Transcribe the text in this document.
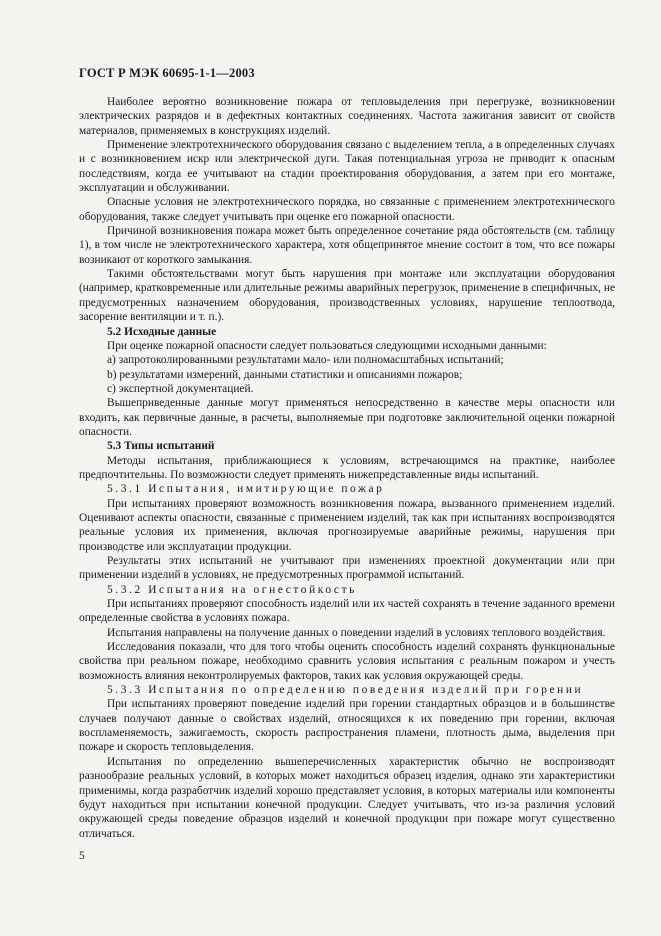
ГОСТ Р МЭК 60695-1-1—2003

Наиболее вероятно возникновение пожара от тепловыделения при перегрузке, возникновении электрических разрядов и в дефектных контактных соединениях. Частота зажигания зависит от свойств материалов, применяемых в конструкциях изделий.

Применение электротехнического оборудования связано с выделением тепла, а в определенных случаях и с возникновением искр или электрической дуги. Такая потенциальная угроза не приводит к опасным последствиям, когда ее учитывают на стадии проектирования оборудования, а затем при его монтаже, эксплуатации и обслуживании.

Опасные условия не электротехнического порядка, но связанные с применением электротехнического оборудования, также следует учитывать при оценке его пожарной опасности.

Причиной возникновения пожара может быть определенное сочетание ряда обстоятельств (см. таблицу 1), в том числе не электротехнического характера, хотя общепринятое мнение состоит в том, что все пожары возникают от короткого замыкания.

Такими обстоятельствами могут быть нарушения при монтаже или эксплуатации оборудования (например, кратковременные или длительные режимы аварийных перегрузок, применение в специфичных, не предусмотренных назначением оборудования, производственных условиях, нарушение теплоотвода, засорение вентиляции и т. п.).

5.2 Исходные данные

При оценке пожарной опасности следует пользоваться следующими исходными данными:

a) запротоколированными результатами мало- или полномасштабных испытаний;

b) результатами измерений, данными статистики и описаниями пожаров;

c) экспертной документацией.

Вышеприведенные данные могут применяться непосредственно в качестве меры опасности или входить, как первичные данные, в расчеты, выполняемые при подготовке заключительной оценки пожарной опасности.

5.3 Типы испытаний

Методы испытания, приближающиеся к условиям, встречающимся на практике, наиболее предпочтительны. По возможности следует применять нижепредставленные виды испытаний.

5.3.1 Испытания, имитирующие пожар

При испытаниях проверяют возможность возникновения пожара, вызванного применением изделий. Оценивают аспекты опасности, связанные с применением изделий, так как при испытаниях воспроизводятся реальные условия их применения, включая прогнозируемые аварийные режимы, нарушения при производстве или эксплуатации продукции.

Результаты этих испытаний не учитывают при изменениях проектной документации или при применении изделий в условиях, не предусмотренных программой испытаний.

5.3.2 Испытания на огнестойкость

При испытаниях проверяют способность изделий или их частей сохранять в течение заданного времени определенные свойства в условиях пожара.

Испытания направлены на получение данных о поведении изделий в условиях теплового воздействия.

Исследования показали, что для того чтобы оценить способность изделий сохранять функциональные свойства при реальном пожаре, необходимо сравнить условия испытания с реальным пожаром и учесть возможность влияния неконтролируемых факторов, таких как условия окружающей среды.

5.3.3 Испытания по определению поведения изделий при горении

При испытаниях проверяют поведение изделий при горении стандартных образцов и в большинстве случаев получают данные о свойствах изделий, относящихся к их поведению при горении, включая воспламеняемость, зажигаемость, скорость распространения пламени, плотность дыма, выделения при пожаре и скорость тепловыделения.

Испытания по определению вышеперечисленных характеристик обычно не воспроизводят разнообразие реальных условий, в которых может находиться образец изделия, однако эти характеристики применимы, когда разработчик изделий хорошо представляет условия, в которых материалы или компоненты будут находиться при испытании конечной продукции. Следует учитывать, что из-за различия условий окружающей среды поведение образцов изделий и конечной продукции при пожаре могут существенно отличаться.

5
